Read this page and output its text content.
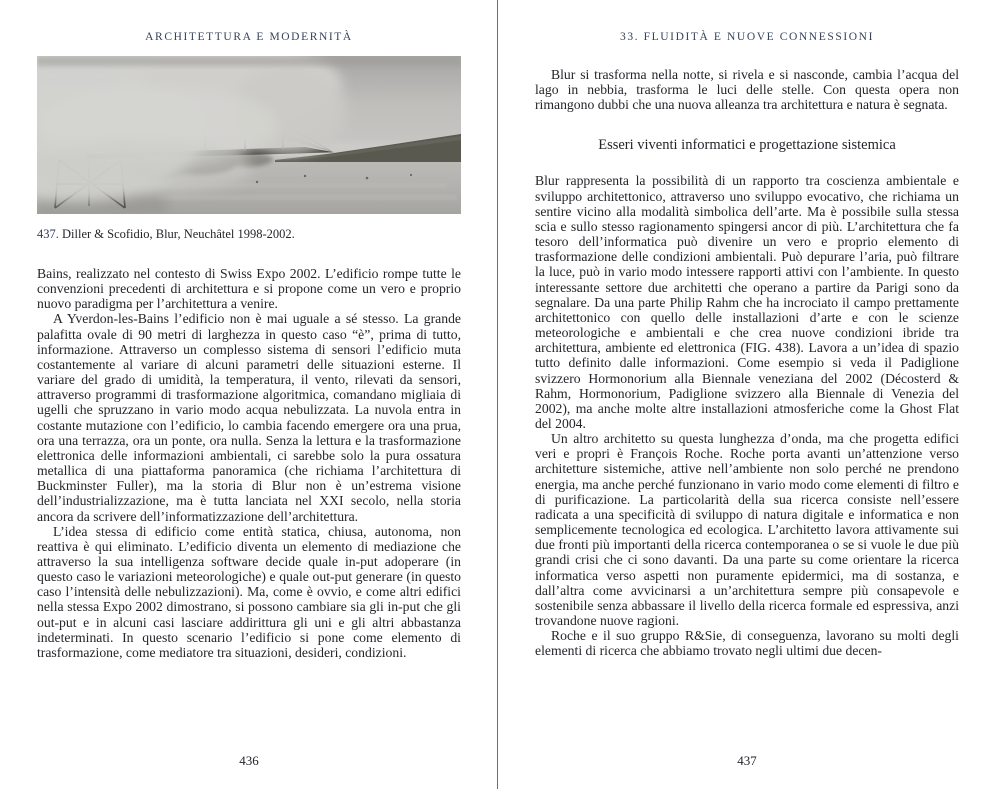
ARCHITETTURA E MODERNITÀ
437. Diller & Scofidio, Blur, Neuchâtel 1998-2002.

Bains, realizzato nel contesto di Swiss Expo 2002. L’edificio rompe tutte le convenzioni precedenti di architettura e si propone come un vero e proprio nuovo paradigma per l’architettura a venire.

A Yverdon-les-Bains l’edificio non è mai uguale a sé stesso. La grande palafitta ovale di 90 metri di larghezza in questo caso “è”, prima di tutto, informazione. Attraverso un complesso sistema di sensori l’edificio muta costantemente al variare di alcuni parametri delle situazioni esterne. Il variare del grado di umidità, la temperatura, il vento, rilevati da sensori, attraverso programmi di trasformazione algoritmica, comandano migliaia di ugelli che spruzzano in vario modo acqua nebulizzata. La nuvola entra in costante mutazione con l’edificio, lo cambia facendo emergere ora una prua, ora una terrazza, ora un ponte, ora nulla. Senza la lettura e la trasformazione elettronica delle informazioni ambientali, ci sarebbe solo la pura ossatura metallica di una piattaforma panoramica (che richiama l’architettura di Buckminster Fuller), ma la storia di Blur non è un’estrema visione dell’industrializzazione, ma è tutta lanciata nel XXI secolo, nella storia ancora da scrivere dell’informatizzazione dell’architettura.

L’idea stessa di edificio come entità statica, chiusa, autonoma, non reattiva è qui eliminato. L’edificio diventa un elemento di mediazione che attraverso la sua intelligenza software decide quale in-put adoperare (in questo caso le variazioni meteorologiche) e quale out-put generare (in questo caso l’intensità delle nebulizzazioni). Ma, come è ovvio, e come altri edifici nella stessa Expo 2002 dimostrano, si possono cambiare sia gli in-put che gli out-put e in alcuni casi lasciare addirittura gli uni e gli altri abbastanza indeterminati. In questo scenario l’edificio si pone come elemento di trasformazione, come mediatore tra situazioni, desideri, condizioni.

436
33. FLUIDITÀ E NUOVE CONNESSIONI

Blur si trasforma nella notte, si rivela e si nasconde, cambia l’acqua del lago in nebbia, trasforma le luci delle stelle. Con questa opera non rimangono dubbi che una nuova alleanza tra architettura e natura è segnata.

Esseri viventi informatici e progettazione sistemica

Blur rappresenta la possibilità di un rapporto tra coscienza ambientale e sviluppo architettonico, attraverso uno sviluppo evocativo, che richiama un sentire vicino alla modalità simbolica dell’arte. Ma è possibile sulla stessa scia e sullo stesso ragionamento spingersi ancor di più. L’architettura che fa tesoro dell’informatica può divenire un vero e proprio elemento di trasformazione delle condizioni ambientali. Può depurare l’aria, può filtrare la luce, può in vario modo intessere rapporti attivi con l’ambiente. In questo interessante settore due architetti che operano a partire da Parigi sono da segnalare. Da una parte Philip Rahm che ha incrociato il campo prettamente architettonico con quello delle installazioni d’arte e con le scienze meteorologiche e ambientali e che crea nuove condizioni ibride tra architettura, ambiente ed elettronica (FIG. 438). Lavora a un’idea di spazio tutto definito dalle informazioni. Come esempio si veda il Padiglione svizzero Hormonorium alla Biennale veneziana del 2002 (Décosterd & Rahm, Hormonorium, Padiglione svizzero alla Biennale di Venezia del 2002), ma anche molte altre installazioni atmosferiche come la Ghost Flat del 2004.

Un altro architetto su questa lunghezza d’onda, ma che progetta edifici veri e propri è François Roche. Roche porta avanti un’attenzione verso architetture sistemiche, attive nell’ambiente non solo perché ne prendono energia, ma anche perché funzionano in vario modo come elementi di filtro e di purificazione. La particolarità della sua ricerca consiste nell’essere radicata a una specificità di sviluppo di natura digitale e informatica e non semplicemente tecnologica ed ecologica. L’architetto lavora attivamente sui due fronti più importanti della ricerca contemporanea o se si vuole le due più grandi crisi che ci sono davanti. Da una parte su come orientare la ricerca informatica verso aspetti non puramente epidermici, ma di sostanza, e dall’altra come avvicinarsi a un’architettura sempre più consapevole e sostenibile senza abbassare il livello della ricerca formale ed espressiva, anzi trovandone nuove ragioni.

Roche e il suo gruppo R&Sie, di conseguenza, lavorano su molti degli elementi di ricerca che abbiamo trovato negli ultimi due decen-

437
